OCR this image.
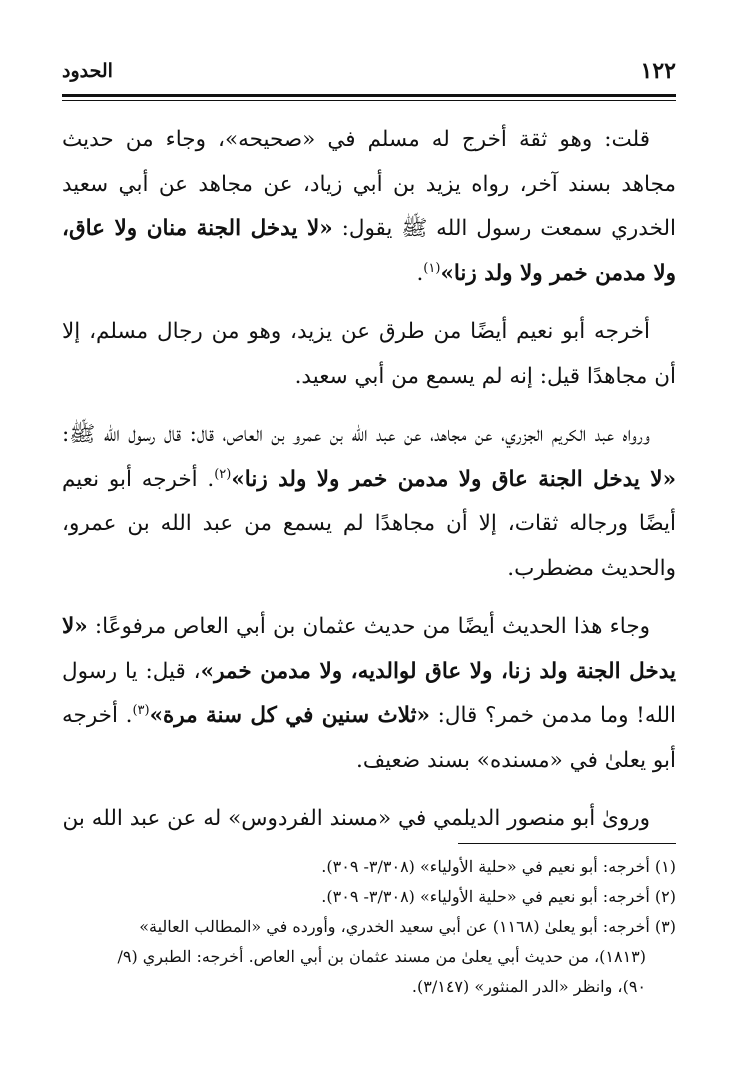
١٢٢
الحدود

قلت: وهو ثقة أخرج له مسلم في «صحيحه»، وجاء من حديث مجاهد بسند آخر، رواه يزيد بن أبي زياد، عن مجاهد عن أبي سعيد الخدري سمعت رسول الله ﷺ يقول: «لا يدخل الجنة منان ولا عاق، ولا مدمن خمر ولا ولد زنا»$^{(١)}$.

أخرجه أبو نعيم أيضًا من طرق عن يزيد، وهو من رجال مسلم، إلا أن مجاهدًا قيل: إنه لم يسمع من أبي سعيد.

ورواه عبد الكريم الجزري، عن مجاهد، عن عبد الله بن عمرو بن العاص، قال: قال رسول الله ﷺ: «لا يدخل الجنة عاق ولا مدمن خمر ولا ولد زنا»$^{(٢)}$. أخرجه أبو نعيم أيضًا ورجاله ثقات، إلا أن مجاهدًا لم يسمع من عبد الله بن عمرو، والحديث مضطرب.

وجاء هذا الحديث أيضًا من حديث عثمان بن أبي العاص مرفوعًا: «لا يدخل الجنة ولد زنا، ولا عاق لوالديه، ولا مدمن خمر»، قيل: يا رسول الله! وما مدمن خمر؟ قال: «ثلاث سنين في كل سنة مرة»$^{(٣)}$. أخرجه أبو يعلىٰ في «مسنده» بسند ضعيف.

ورویٰ أبو منصور الديلمي في «مسند الفردوس» له عن عبد الله بن

(١) أخرجه: أبو نعيم في «حلية الأولياء» (٣/٣٠٨- ٣٠٩).

(٢) أخرجه: أبو نعيم في «حلية الأولياء» (٣/٣٠٨- ٣٠٩).

(٣) أخرجه: أبو يعلىٰ (١١٦٨) عن أبي سعيد الخدري، وأورده في «المطالب العالية»

(١٨١٣)، من حديث أبي يعلىٰ من مسند عثمان بن أبي العاص. أخرجه: الطبري (٩/

٩٠)، وانظر «الدر المنثور» (٣/١٤٧).
